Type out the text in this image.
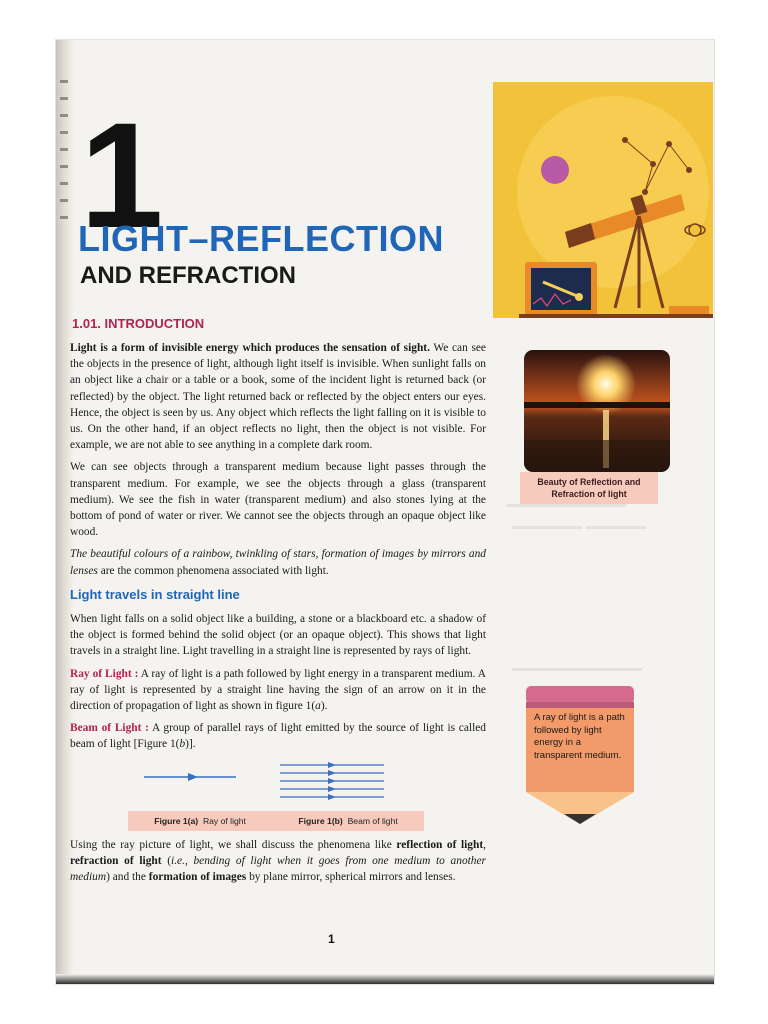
1
LIGHT–REFLECTION
AND REFRACTION
1.01. INTRODUCTION

Light is a form of invisible energy which produces the sensation of sight. We can see the objects in the presence of light, although light itself is invisible. When sunlight falls on an object like a chair or a table or a book, some of the incident light is returned back (or reflected) by the object. The light returned back or reflected by the object enters our eyes. Hence, the object is seen by us. Any object which reflects the light falling on it is visible to us. On the other hand, if an object reflects no light, then the object is not visible. For example, we are not able to see anything in a complete dark room.

We can see objects through a transparent medium because light passes through the transparent medium. For example, we see the objects through a glass (transparent medium). We see the fish in water (transparent medium) and also stones lying at the bottom of pond of water or river. We cannot see the objects through an opaque object like wood.

The beautiful colours of a rainbow, twinkling of stars, formation of images by mirrors and lenses are the common phenomena associated with light.

Light travels in straight line

When light falls on a solid object like a building, a stone or a blackboard etc. a shadow of the object is formed behind the solid object (or an opaque object). This shows that light travels in a straight line. Light travelling in a straight line is represented by rays of light.

Ray of Light : A ray of light is a path followed by light energy in a transparent medium. A ray of light is represented by a straight line having the sign of an arrow on it in the direction of propagation of light as shown in figure 1(a).

Beam of Light : A group of parallel rays of light emitted by the source of light is called beam of light [Figure 1(b)].

Figure 1(a) Ray of light	Figure 1(b) Beam of light

Using the ray picture of light, we shall discuss the phenomena like reflection of light, refraction of light (i.e., bending of light when it goes from one medium to another medium) and the formation of images by plane mirror, spherical mirrors and lenses.

Beauty of Reflection and Refraction of light
A ray of light is a path followed by light energy in a transparent medium.
1
